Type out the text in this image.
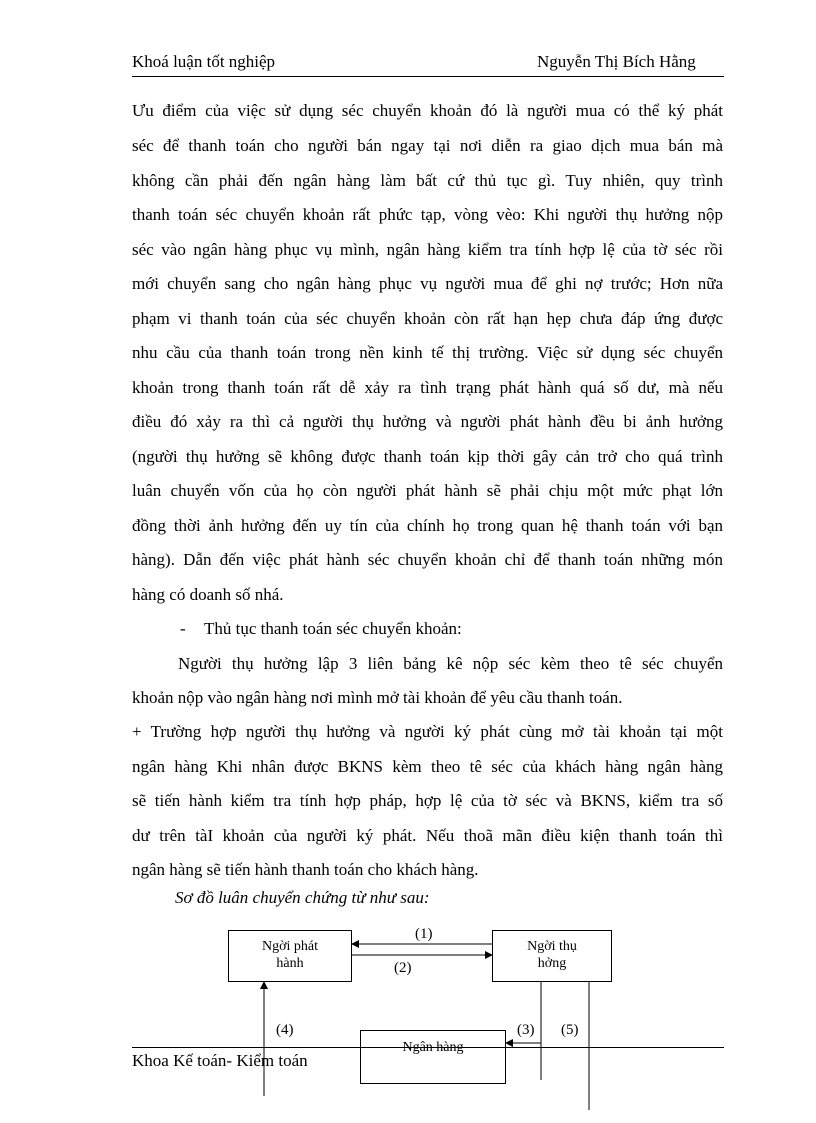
Khoá luận tốt nghiệp	Nguyễn Thị Bích Hằng
Ưu điểm của việc sử dụng séc chuyển khoản đó là người mua có thể ký phát
séc để thanh toán cho người bán ngay tại nơi diễn ra giao dịch mua bán mà
không cần phải đến ngân hàng làm bất cứ thủ tục gì. Tuy nhiên, quy trình
thanh toán séc chuyển khoản rất phức tạp, vòng vèo: Khi người thụ hưởng nộp
séc vào ngân hàng phục vụ mình, ngân hàng kiểm tra tính hợp lệ của tờ séc rồi
mới chuyển sang cho ngân hàng phục vụ người mua để ghi nợ trước; Hơn nữa
phạm vi thanh toán của séc chuyển khoản còn rất hạn hẹp chưa đáp ứng được
nhu cầu của thanh toán trong nền kinh tế thị trường. Việc sử dụng séc chuyển
khoản trong thanh toán rất dễ xảy ra tình trạng phát hành quá số dư, mà nếu
điều đó xảy ra thì cả người thụ hưởng và người phát hành đều bi ảnh hưởng
(người thụ hưởng sẽ không được thanh toán kịp thời gây cản trở cho quá trình
luân chuyển vốn của họ còn người phát hành sẽ phải chịu một mức phạt lớn
đồng thời ảnh hưởng đến uy tín của chính họ trong quan hệ thanh toán với bạn
hàng). Dẫn đến việc phát hành séc chuyển khoản chỉ để thanh toán những món
hàng có doanh số nhá.
- Thủ tục thanh toán séc chuyển khoản:
Người thụ hưởng lập 3 liên bảng kê nộp séc kèm theo tê séc chuyển
khoản nộp vào ngân hàng nơi mình mở tài khoản để yêu cầu thanh toán.
+ Trường hợp người thụ hưởng và người ký phát cùng mở tài khoản tại một
ngân hàng Khi nhân được BKNS kèm theo tê séc của khách hàng ngân hàng
sẽ tiến hành kiểm tra tính hợp pháp, hợp lệ của tờ séc và BKNS, kiểm tra số
dư trên tàI khoản của người ký phát. Nếu thoã mãn điều kiện thanh toán thì
ngân hàng sẽ tiến hành thanh toán cho khách hàng.
Sơ đồ luân chuyển chứng từ như sau:
Ngời phát
hành
Ngời thụ
hởng
Ngân hàng
(1)
(2)
(3)
(4)	(5)
Khoa Kế toán- Kiểm toán
